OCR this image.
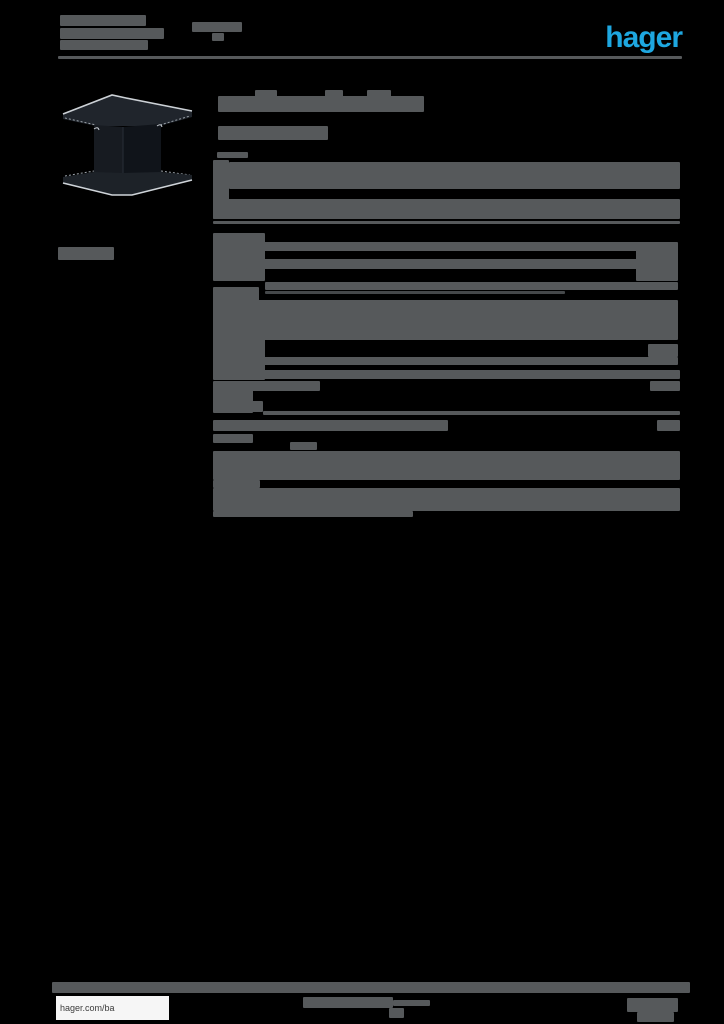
hager
hager.com/ba
